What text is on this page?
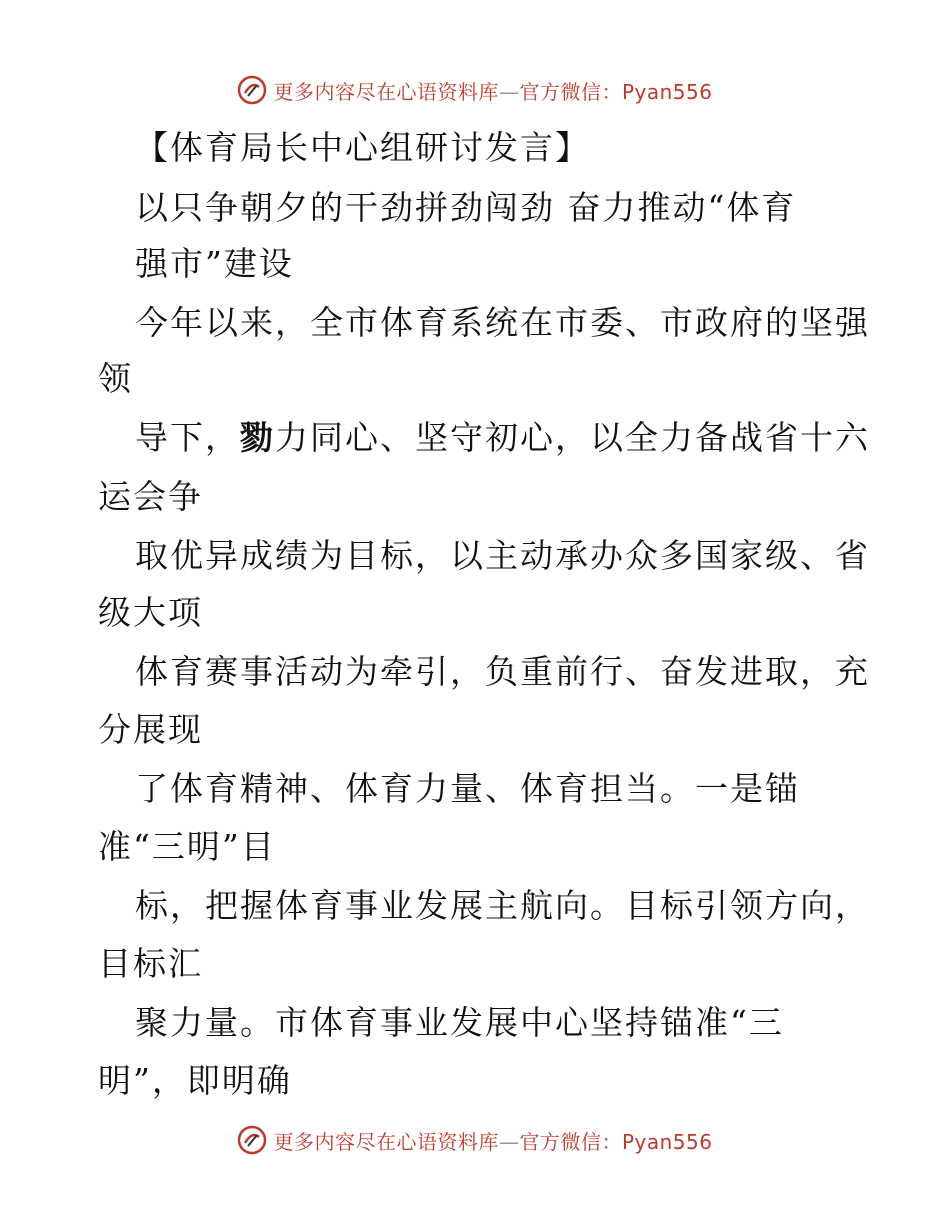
更多内容尽在心语资料库—官方微信：Pyan556
【体育局长中心组研讨发言】
以只争朝夕的干劲拼劲闯劲 奋力推动“体育
强市”建设
今年以来，全市体育系统在市委、市政府的坚强
领
导下，勠力同心、坚守初心，以全力备战省十六
运会争
取优异成绩为目标，以主动承办众多国家级、省
级大项
体育赛事活动为牵引，负重前行、奋发进取，充
分展现
了体育精神、体育力量、体育担当。一是锚
准“三明”目
标，把握体育事业发展主航向。目标引领方向，
目标汇
聚力量。市体育事业发展中心坚持锚准“三
明”，即明确
更多内容尽在心语资料库—官方微信：Pyan556
